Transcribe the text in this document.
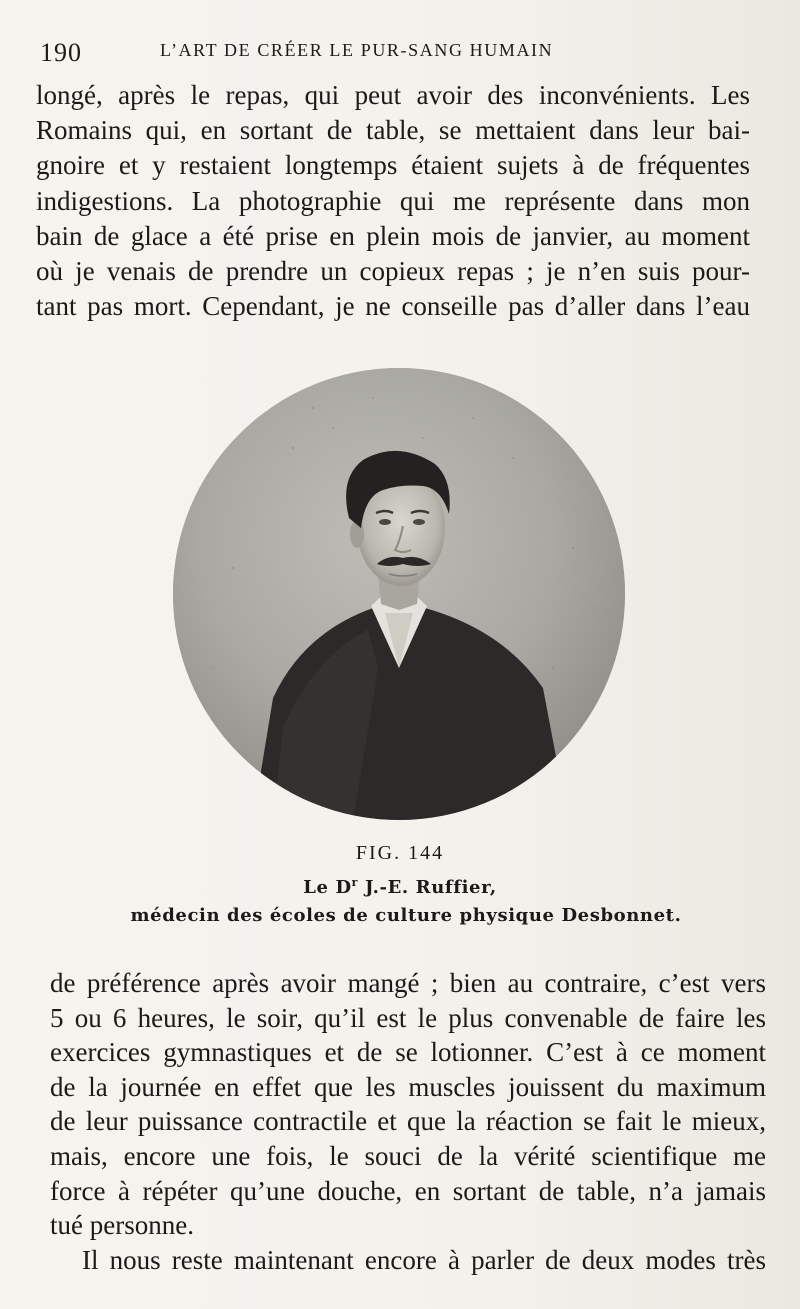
190	L’ART DE CRÉER LE PUR-SANG HUMAIN
longé, après le repas, qui peut avoir des inconvénients. Les
Romains qui, en sortant de table, se mettaient dans leur bai-
gnoire et y restaient longtemps étaient sujets à de fréquentes
indigestions. La photographie qui me représente dans mon
bain de glace a été prise en plein mois de janvier, au moment
où je venais de prendre un copieux repas ; je n’en suis pour-
tant pas mort. Cependant, je ne conseille pas d’aller dans l’eau
FIG. 144
Le $D^r$ J.-E. Ruffier,
médecin des écoles de culture physique Desbonnet.
de préférence après avoir mangé ; bien au contraire, c’est vers
5 ou 6 heures, le soir, qu’il est le plus convenable de faire les
exercices gymnastiques et de se lotionner. C’est à ce moment
de la journée en effet que les muscles jouissent du maximum
de leur puissance contractile et que la réaction se fait le mieux,
mais, encore une fois, le souci de la vérité scientifique me
force à répéter qu’une douche, en sortant de table, n’a jamais
tué personne.
Il nous reste maintenant encore à parler de deux modes très
